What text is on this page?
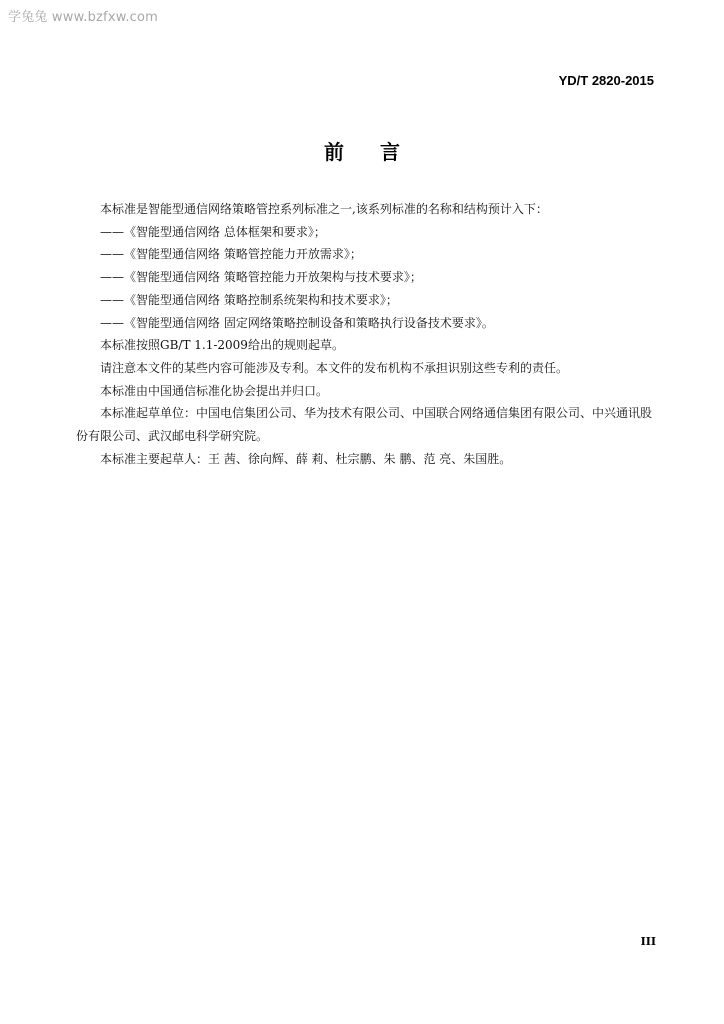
学兔兔 www.bzfxw.com
YD/T 2820-2015
前言

本标准是智能型通信网络策略管控系列标准之一,该系列标准的名称和结构预计入下：

——《智能型通信网络 总体框架和要求》；

——《智能型通信网络 策略管控能力开放需求》；

——《智能型通信网络 策略管控能力开放架构与技术要求》；

——《智能型通信网络 策略控制系统架构和技术要求》；

——《智能型通信网络 固定网络策略控制设备和策略执行设备技术要求》。

本标准按照GB/T 1.1-2009给出的规则起草。

请注意本文件的某些内容可能涉及专利。本文件的发布机构不承担识别这些专利的责任。

本标准由中国通信标准化协会提出并归口。

本标准起草单位：中国电信集团公司、华为技术有限公司、中国联合网络通信集团有限公司、中兴通讯股份有限公司、武汉邮电科学研究院。

本标准主要起草人：王 茜、徐向辉、薛 莉、杜宗鹏、朱 鹏、范 亮、朱国胜。

III
